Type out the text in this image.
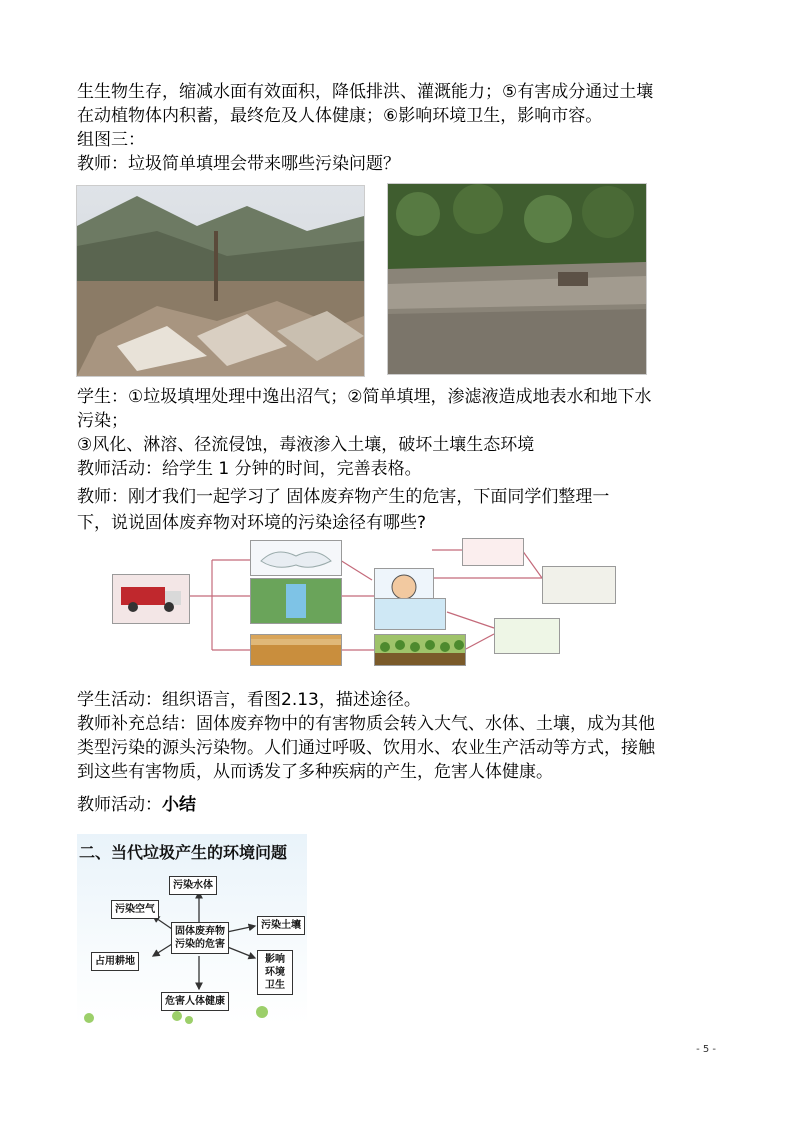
生生物生存，缩减水面有效面积，降低排洪、灌溉能力；⑤有害成分通过土壤
在动植物体内积蓄，最终危及人体健康；⑥影响环境卫生，影响市容。
组图三：
教师：垃圾简单填埋会带来哪些污染问题？
学生：①垃圾填埋处理中逸出沼气；②简单填埋，渗滤液造成地表水和地下水
污染；
③风化、淋溶、径流侵蚀，毒液渗入土壤，破坏土壤生态环境
教师活动：给学生 1 分钟的时间，完善表格。
教师：刚才我们一起学习了 固体废弃物产生的危害，下面同学们整理一
下，说说固体废弃物对环境的污染途径有哪些?
学生活动：组织语言，看图2.13，描述途径。
教师补充总结：固体废弃物中的有害物质会转入大气、水体、土壤，成为其他
类型污染的源头污染物。人们通过呼吸、饮用水、农业生产活动等方式，接触
到这些有害物质，从而诱发了多种疾病的产生，危害人体健康。
教师活动：小结
二、当代垃圾产生的环境问题
固体废弃物污染的危害
污染水体
污染空气
污染土壤
占用耕地	影响环境卫生
危害人体健康
- 5 -
